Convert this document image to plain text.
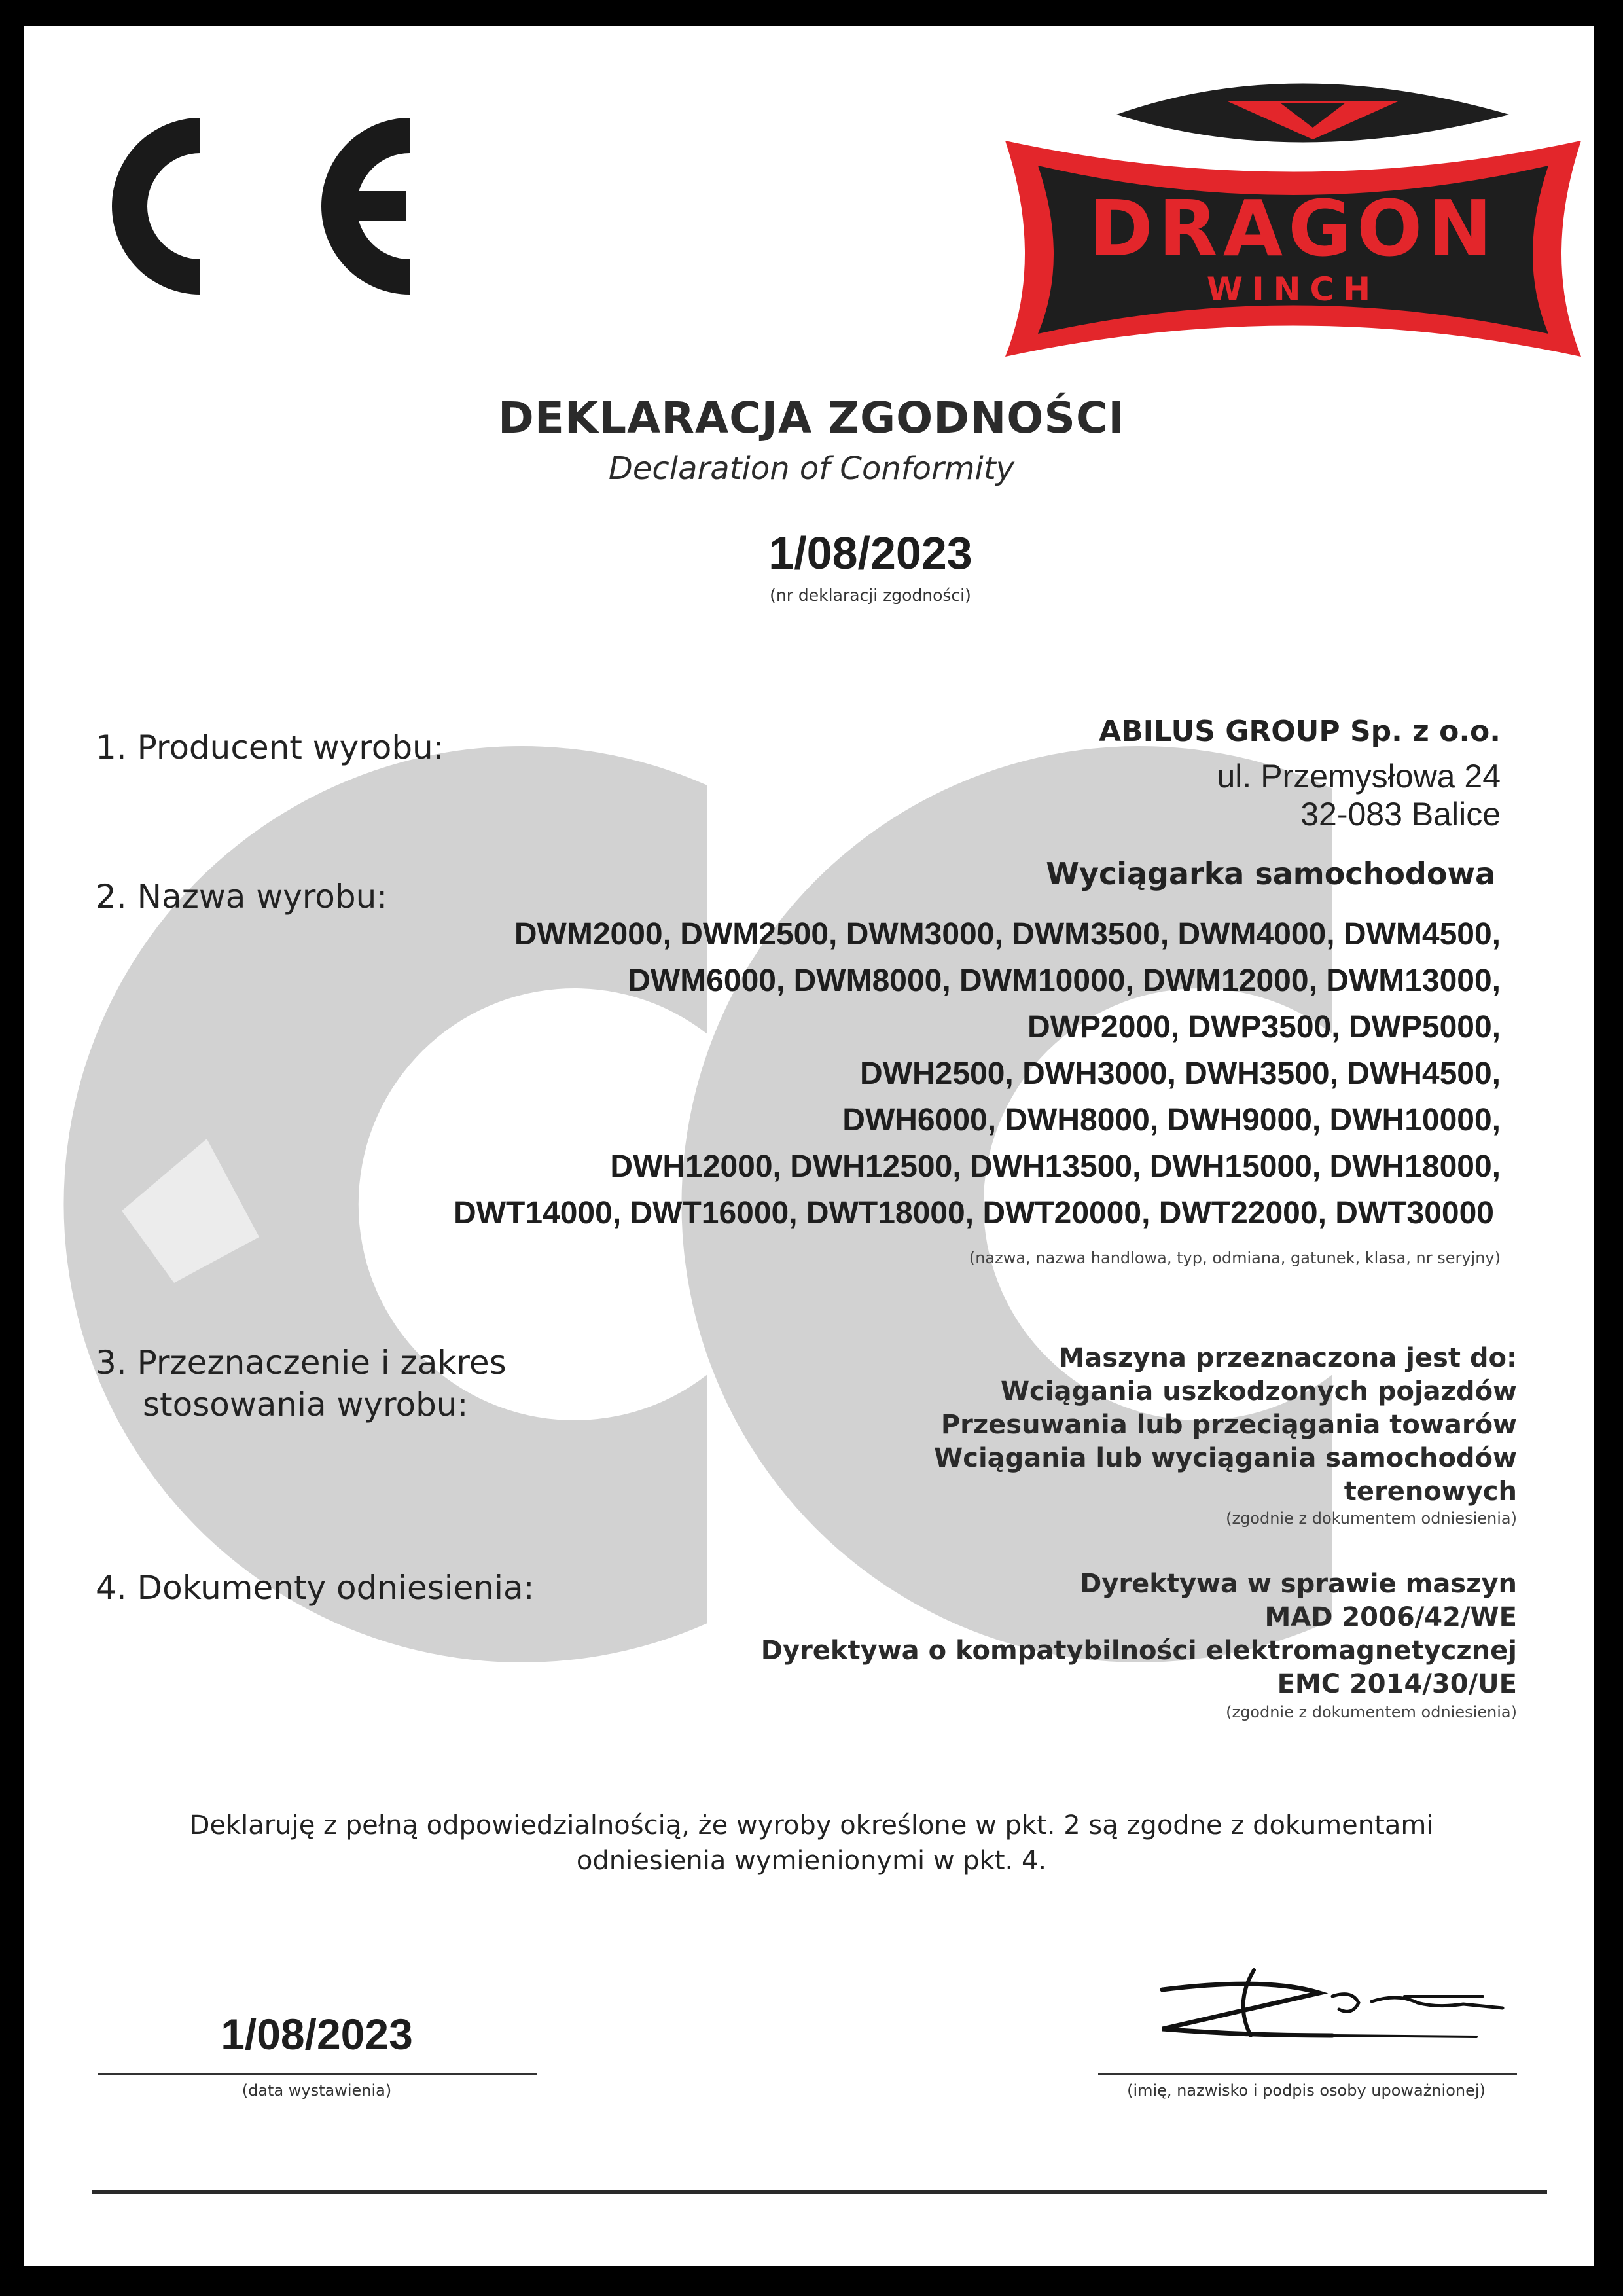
DRAGON
WINCH
DEKLARACJA ZGODNOŚCI
Declaration of Conformity
1/08/2023
(nr deklaracji zgodności)
1. Producent wyrobu:	ABILUS GROUP Sp. z o.o.
ul. Przemysłowa 24
32-083 Balice
2. Nazwa wyrobu:
Wyciągarka samochodowa
DWM2000, DWM2500, DWM3000, DWM3500, DWM4000, DWM4500,
DWM6000, DWM8000, DWM10000, DWM12000, DWM13000,
DWP2000, DWP3500, DWP5000,
DWH2500, DWH3000, DWH3500, DWH4500,
DWH6000, DWH8000, DWH9000, DWH10000,
DWH12000, DWH12500, DWH13500, DWH15000, DWH18000,
DWT14000, DWT16000, DWT18000, DWT20000, DWT22000, DWT30000
(nazwa, nazwa handlowa, typ, odmiana, gatunek, klasa, nr seryjny)
3. Przeznaczenie i zakres
stosowania wyrobu:
Maszyna przeznaczona jest do:
Wciągania uszkodzonych pojazdów
Przesuwania lub przeciągania towarów
Wciągania lub wyciągania samochodów
terenowych
(zgodnie z dokumentem odniesienia)
4. Dokumenty odniesienia:	Dyrektywa w sprawie maszyn
MAD 2006/42/WE
Dyrektywa o kompatybilności elektromagnetycznej
EMC 2014/30/UE
(zgodnie z dokumentem odniesienia)
Deklaruję z pełną odpowiedzialnością, że wyroby określone w pkt. 2 są zgodne z dokumentami
odniesienia wymienionymi w pkt. 4.
1/08/2023
(data wystawienia)	(imię, nazwisko i podpis osoby upoważnionej)
